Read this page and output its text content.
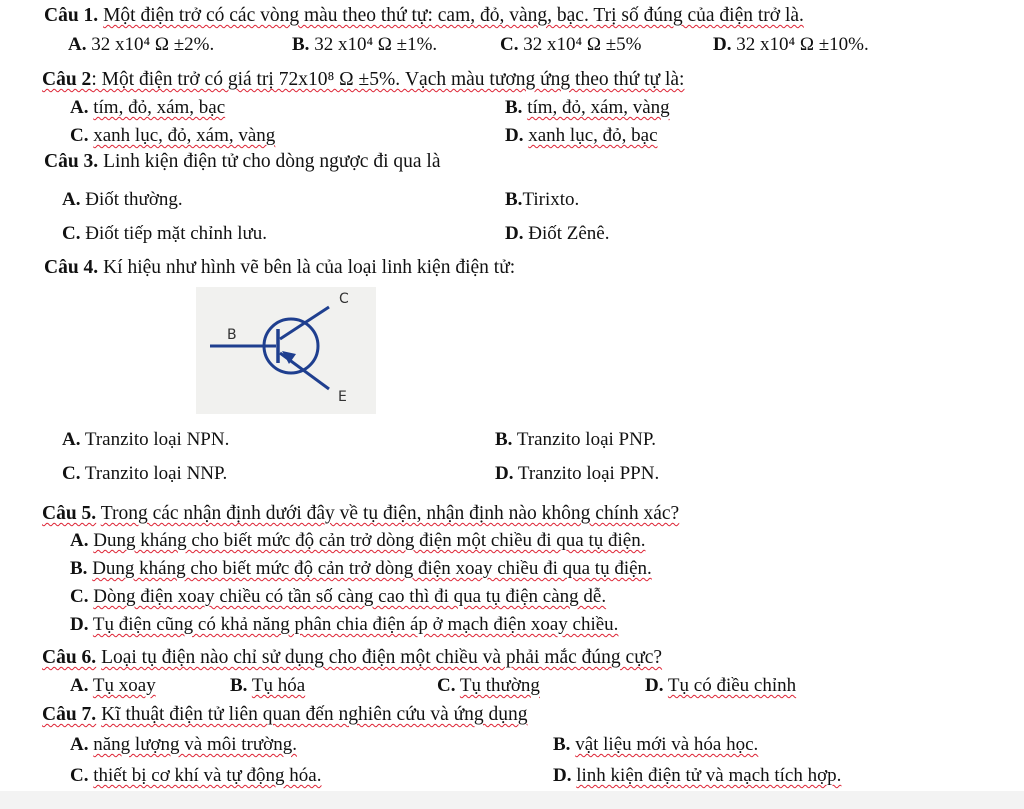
Câu 1. Một điện trở có các vòng màu theo thứ tự: cam, đỏ, vàng, bạc. Trị số đúng của điện trở là.
A. 32 x10⁴ Ω ±2%.	B. 32 x10⁴ Ω ±1%.	C. 32 x10⁴ Ω ±5%	D. 32 x10⁴ Ω ±10%.
Câu 2: Một điện trở có giá trị 72x10⁸ Ω ±5%. Vạch màu tương ứng theo thứ tự là:
A. tím, đỏ, xám, bạc	B. tím, đỏ, xám, vàng
C. xanh lục, đỏ, xám, vàng	D. xanh lục, đỏ, bạc
Câu 3. Linh kiện điện tử cho dòng ngược đi qua là
A. Điốt thường.	B.Tirixto.
C. Điốt tiếp mặt chỉnh lưu.	D. Điốt Zênê.
Câu 4. Kí hiệu như hình vẽ bên là của loại linh kiện điện tử:
C
B
E
A. Tranzito loại NPN.	B. Tranzito loại PNP.
C. Tranzito loại NNP.	D. Tranzito loại PPN.
Câu 5. Trong các nhận định dưới đây về tụ điện, nhận định nào không chính xác?
A. Dung kháng cho biết mức độ cản trở dòng điện một chiều đi qua tụ điện.
B. Dung kháng cho biết mức độ cản trở dòng điện xoay chiều đi qua tụ điện.
C. Dòng điện xoay chiều có tần số càng cao thì đi qua tụ điện càng dễ.
D. Tụ điện cũng có khả năng phân chia điện áp ở mạch điện xoay chiều.
Câu 6. Loại tụ điện nào chỉ sử dụng cho điện một chiều và phải mắc đúng cực?
A. Tụ xoay	B. Tụ hóa	C. Tụ thường	D. Tụ có điều chỉnh
Câu 7. Kĩ thuật điện tử liên quan đến nghiên cứu và ứng dụng
A. năng lượng và môi trường.	B. vật liệu mới và hóa học.
C. thiết bị cơ khí và tự động hóa.	D. linh kiện điện tử và mạch tích hợp.
